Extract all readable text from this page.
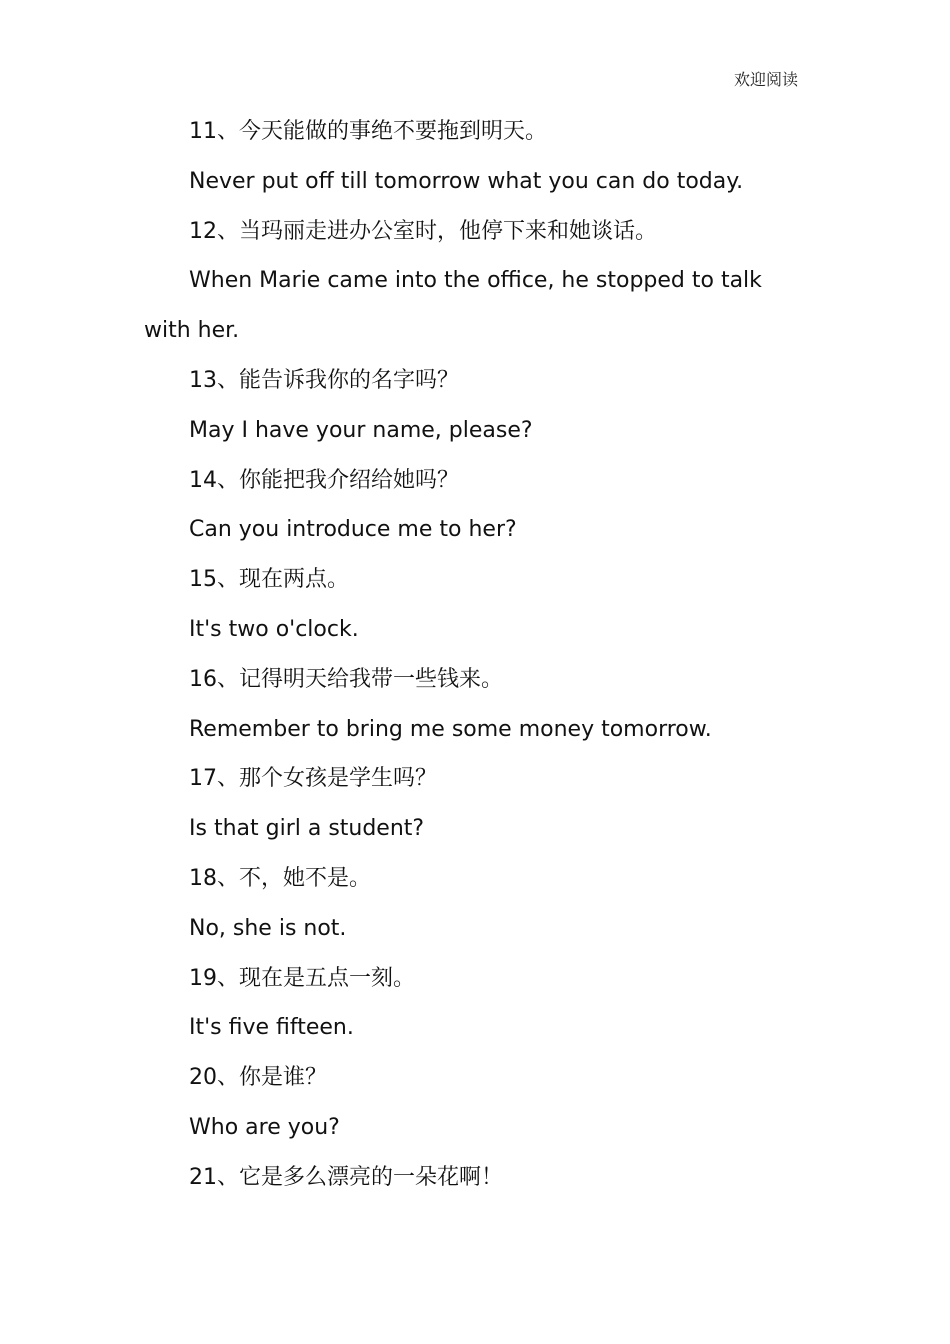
欢迎阅读

11、今天能做的事绝不要拖到明天。

Never put off till tomorrow what you can do today.

12、当玛丽走进办公室时，他停下来和她谈话。

When Marie came into the office, he stopped to talk with her.

13、能告诉我你的名字吗？

May I have your name, please?

14、你能把我介绍给她吗？

Can you introduce me to her?

15、现在两点。

It's two o'clock.

16、记得明天给我带一些钱来。

Remember to bring me some money tomorrow.

17、那个女孩是学生吗？

Is that girl a student?

18、不，她不是。

No, she is not.

19、现在是五点一刻。

It's five fifteen.

20、你是谁？

Who are you?

21、它是多么漂亮的一朵花啊！
